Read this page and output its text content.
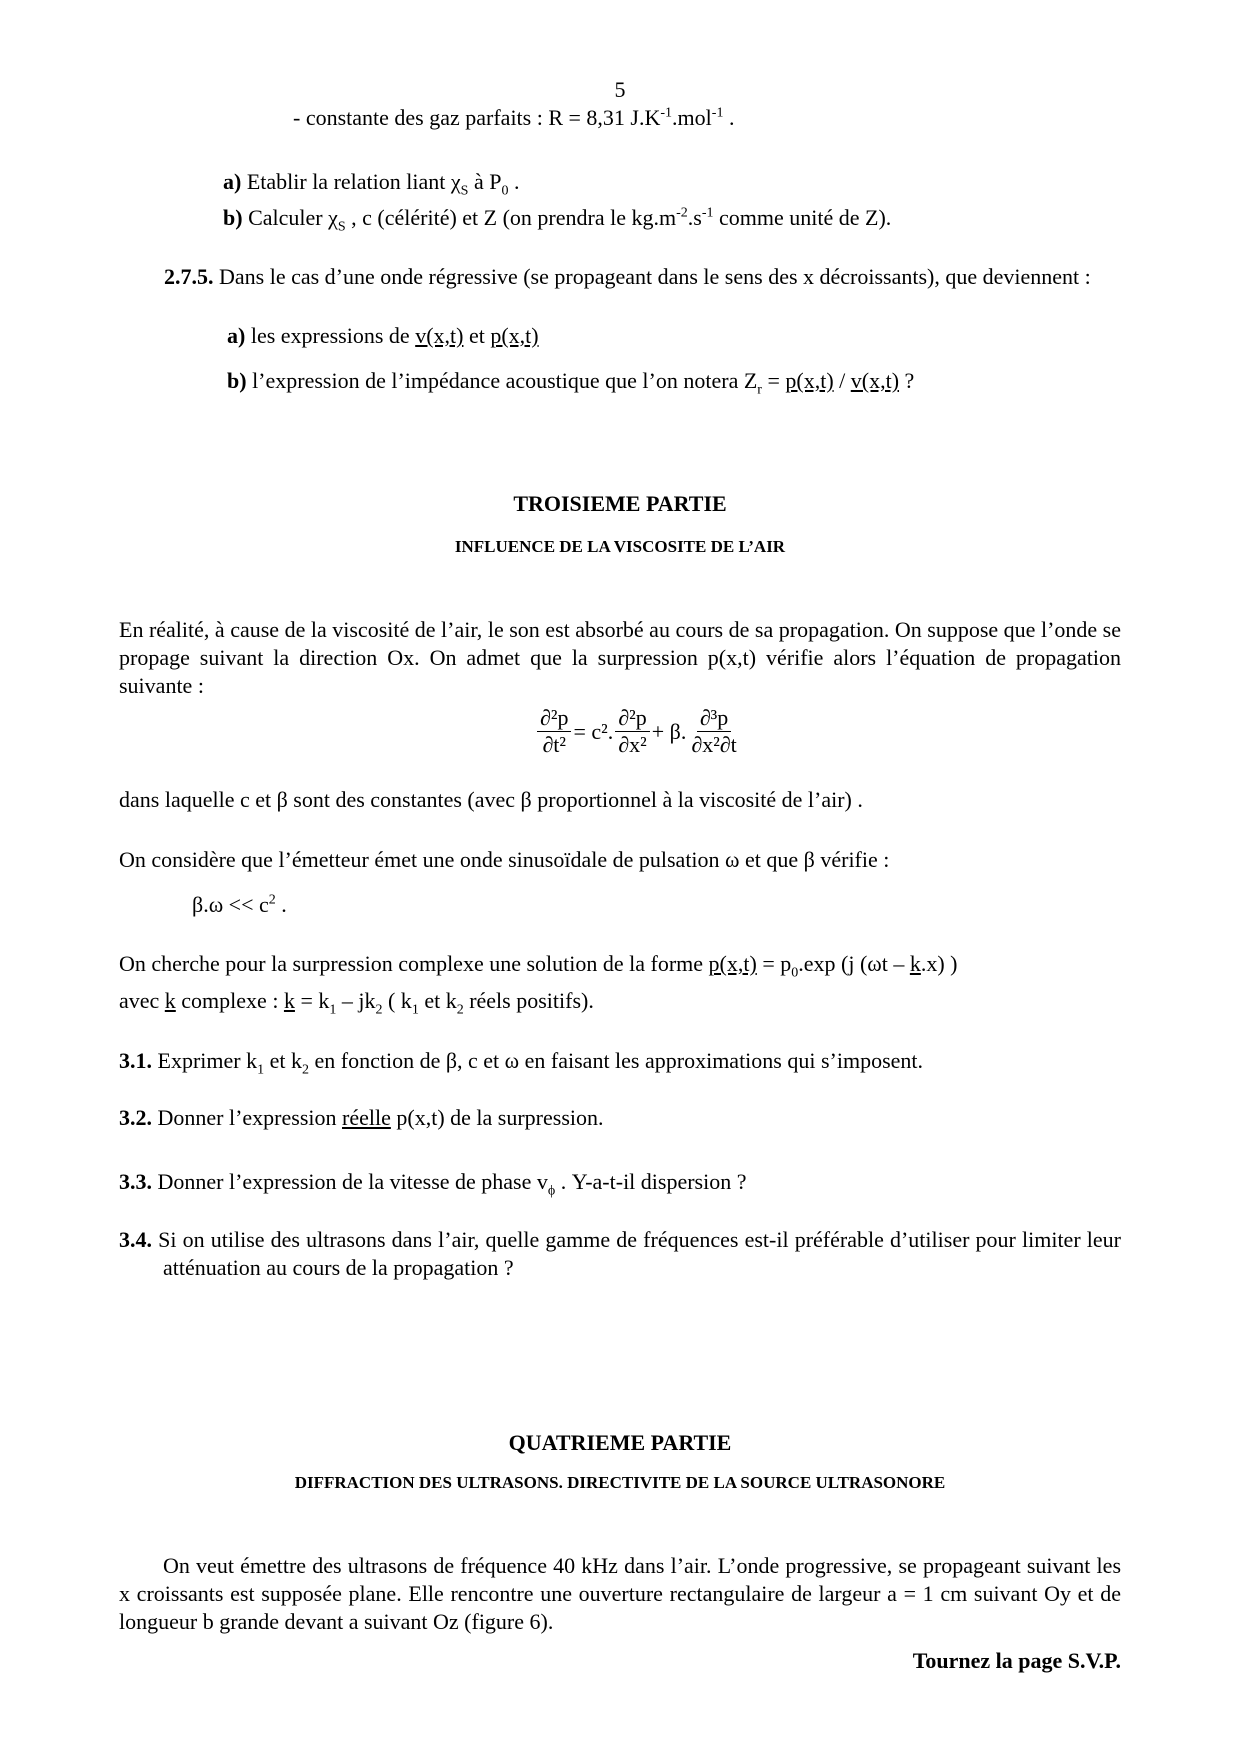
5
- constante des gaz parfaits : R = 8,31 $J.K^{-1}.mol^{-1}$ .
a) Etablir la relation liant $\chi_S$ à $P_0$ .
b) Calculer $\chi_S$ , c (célérité) et Z (on prendra le $kg.m^{-2}.s^{-1}$ comme unité de Z).
2.7.5. Dans le cas d’une onde régressive (se propageant dans le sens des x décroissants), que deviennent :
a) les expressions de v(x,t) et p(x,t)
b) l’expression de l’impédance acoustique que l’on notera $Z_r = p(x,t) / v(x,t)$ ?
TROISIEME PARTIE
INFLUENCE DE LA VISCOSITE DE L’AIR
En réalité, à cause de la viscosité de l’air, le son est absorbé au cours de sa propagation. On suppose que l’onde se propage suivant la direction Ox. On admet que la surpression p(x,t) vérifie alors l’équation de propagation suivante :
$\frac{\text{∂²p}}{\text{∂t²}} = c^2$. $\frac{\text{∂²p}}{\text{∂x²}} + \beta$. $\frac{\text{∂³p}}{\text{∂x²∂t}}$
dans laquelle c et β sont des constantes (avec β proportionnel à la viscosité de l’air) .
On considère que l’émetteur émet une onde sinusoïdale de pulsation ω et que β vérifie :
$\beta.\omega << c^2$ .
On cherche pour la surpression complexe une solution de la forme $p(x,t) = p_0.\exp$ (j (ωt – k.x) )
avec k complexe : $k = k_1 - jk_2$ ( $k_1$ et $k_2$ réels positifs).
3.1. Exprimer $k_1$ et $k_2$ en fonction de β, c et ω en faisant les approximations qui s’imposent.
3.2. Donner l’expression réelle p(x,t) de la surpression.
3.3. Donner l’expression de la vitesse de phase $v_\phi$ . Y-a-t-il dispersion ?
3.4. Si on utilise des ultrasons dans l’air, quelle gamme de fréquences est-il préférable d’utiliser pour limiter leur atténuation au cours de la propagation ?
QUATRIEME PARTIE
DIFFRACTION DES ULTRASONS. DIRECTIVITE DE LA SOURCE ULTRASONORE
On veut émettre des ultrasons de fréquence 40 kHz dans l’air. L’onde progressive, se propageant suivant les x croissants est supposée plane. Elle rencontre une ouverture rectangulaire de largeur a = 1 cm suivant Oy et de longueur b grande devant a suivant Oz (figure 6).
Tournez la page S.V.P.
